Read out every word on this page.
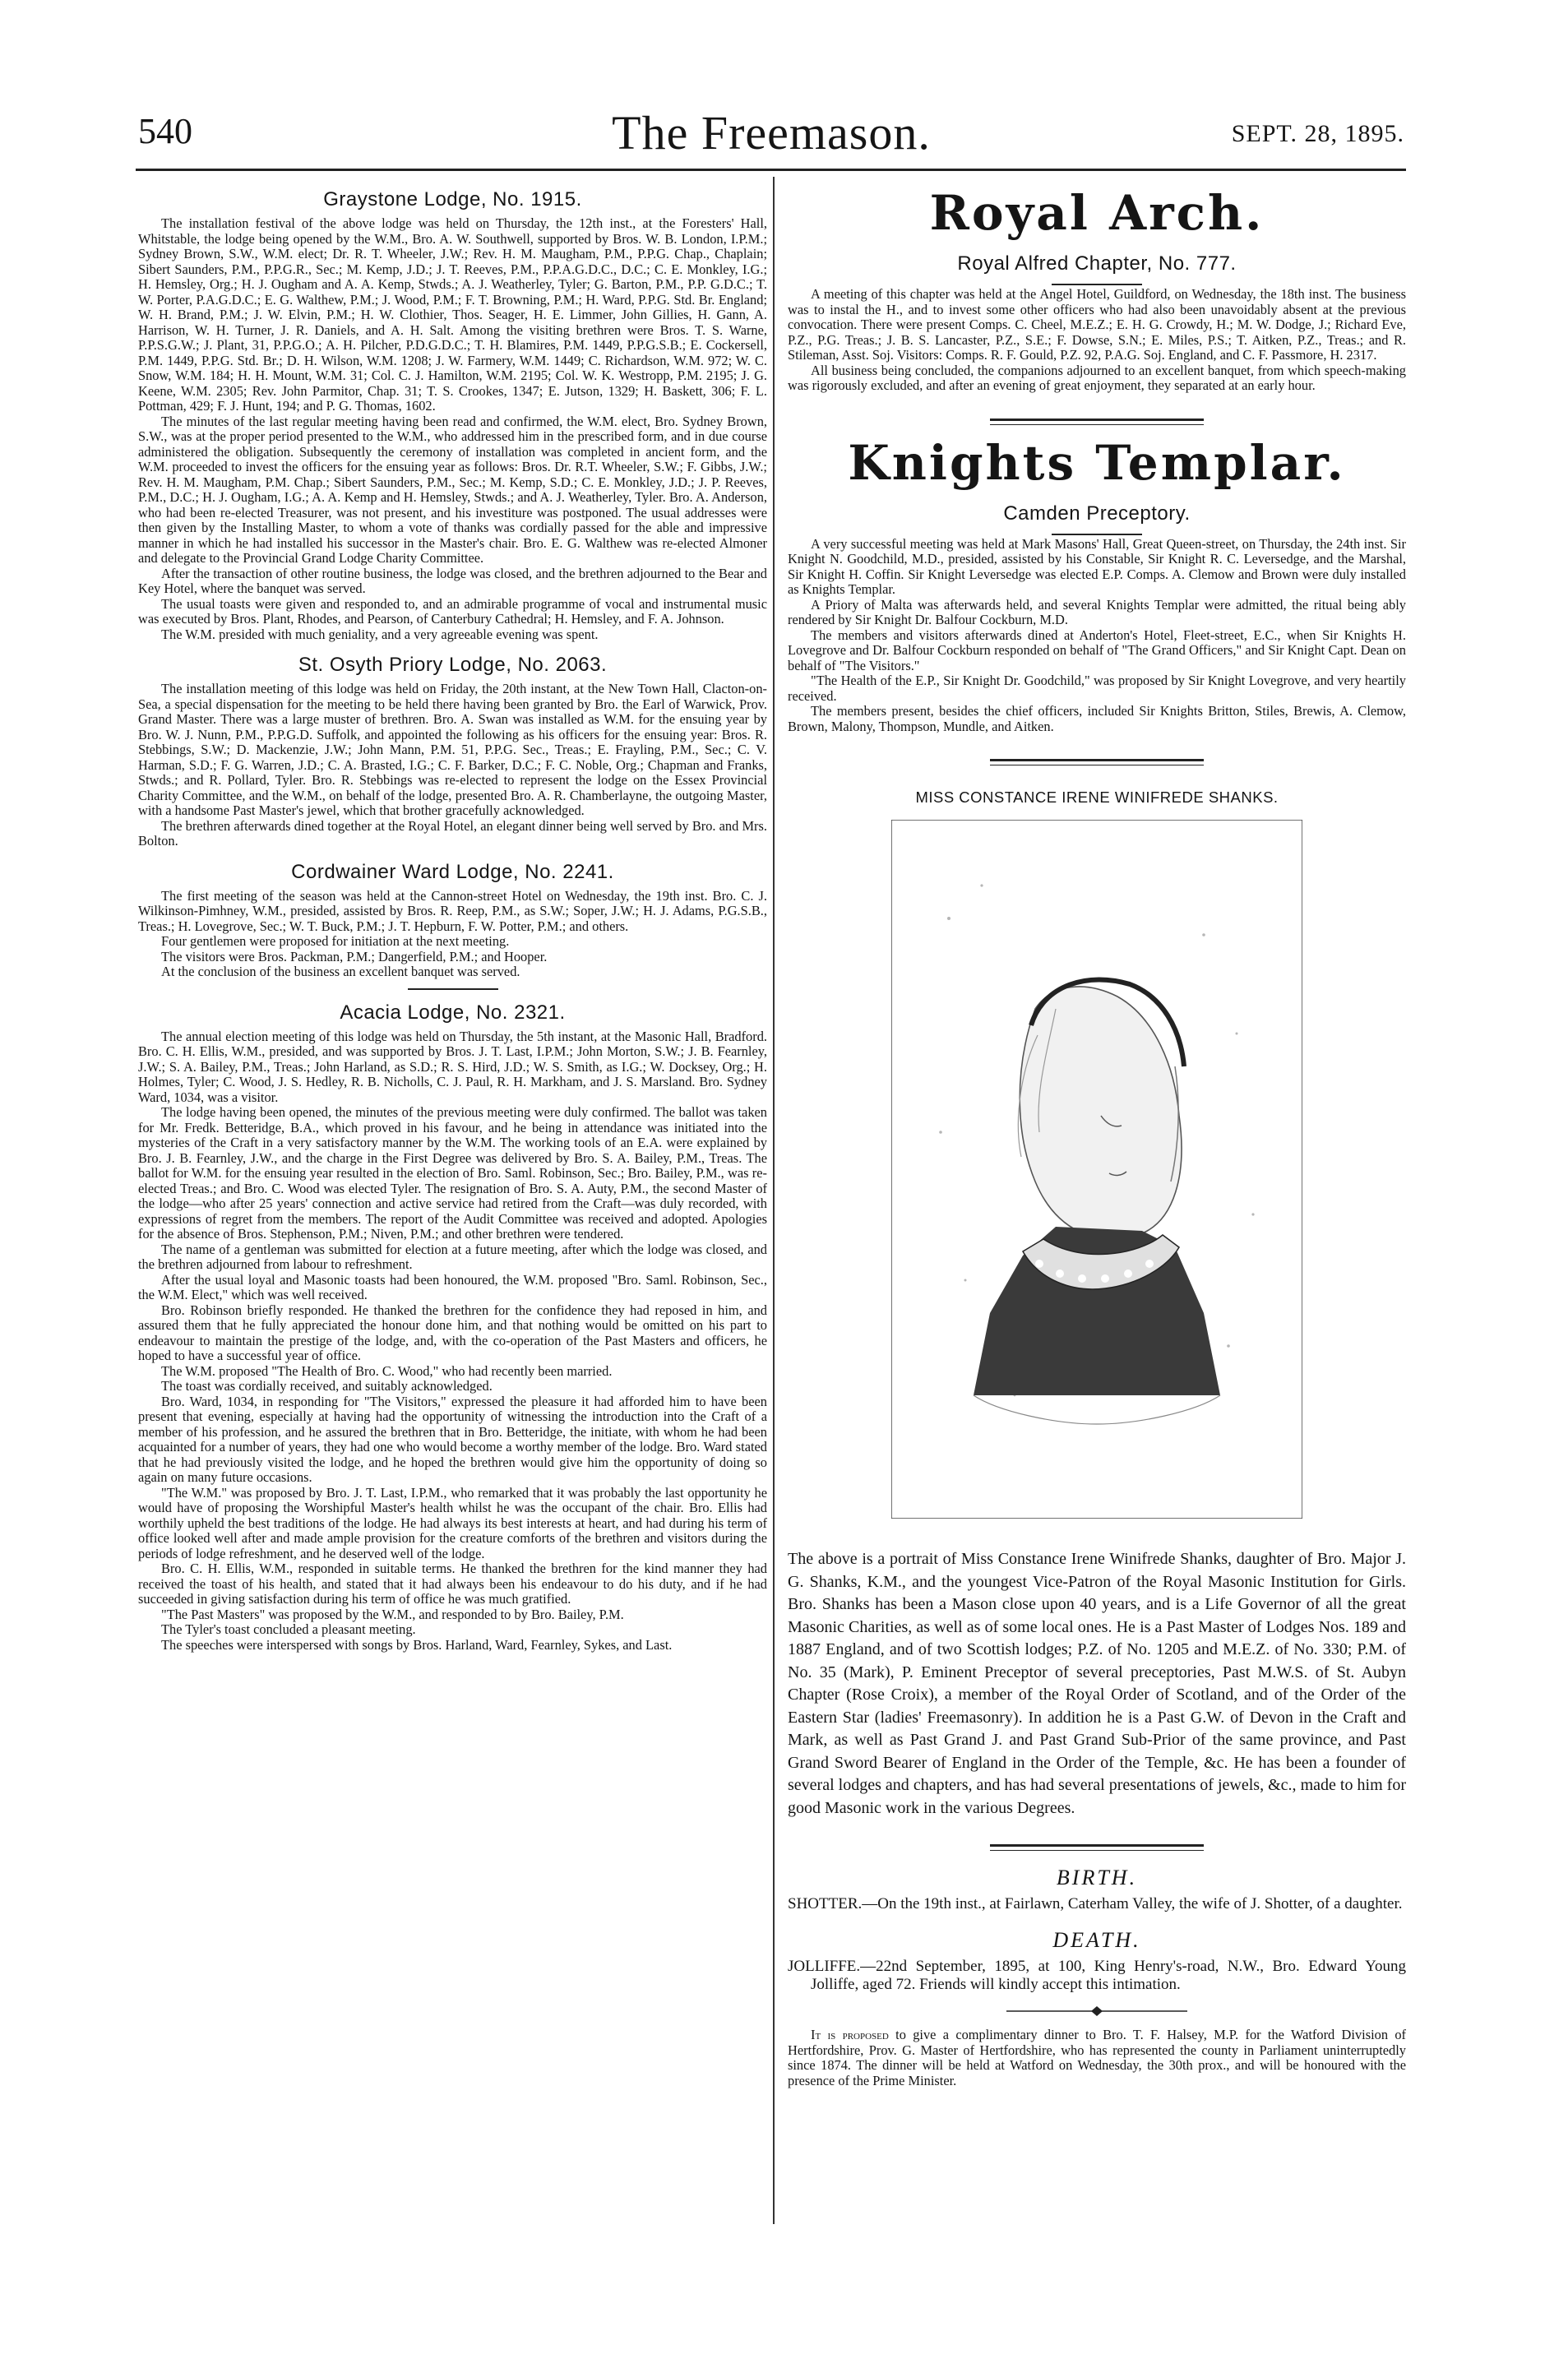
540	The Freemason.	SEPT. 28, 1895.
Graystone Lodge, No. 1915.

The installation festival of the above lodge was held on Thursday, the 12th inst., at the Foresters' Hall, Whitstable, the lodge being opened by the W.M., Bro. A. W. Southwell, supported by Bros. W. B. London, I.P.M.; Sydney Brown, S.W., W.M. elect; Dr. R. T. Wheeler, J.W.; Rev. H. M. Maugham, P.M., P.P.G. Chap., Chaplain; Sibert Saunders, P.M., P.P.G.R., Sec.; M. Kemp, J.D.; J. T. Reeves, P.M., P.P.A.G.D.C., D.C.; C. E. Monkley, I.G.; H. Hemsley, Org.; H. J. Ougham and A. A. Kemp, Stwds.; A. J. Weatherley, Tyler; G. Barton, P.M., P.P. G.D.C.; T. W. Porter, P.A.G.D.C.; E. G. Walthew, P.M.; J. Wood, P.M.; F. T. Browning, P.M.; H. Ward, P.P.G. Std. Br. England; W. H. Brand, P.M.; J. W. Elvin, P.M.; H. W. Clothier, Thos. Seager, H. E. Limmer, John Gillies, H. Gann, A. Harrison, W. H. Turner, J. R. Daniels, and A. H. Salt. Among the visiting brethren were Bros. T. S. Warne, P.P.S.G.W.; J. Plant, 31, P.P.G.O.; A. H. Pilcher, P.D.G.D.C.; T. H. Blamires, P.M. 1449, P.P.G.S.B.; E. Cockersell, P.M. 1449, P.P.G. Std. Br.; D. H. Wilson, W.M. 1208; J. W. Farmery, W.M. 1449; C. Richardson, W.M. 972; W. C. Snow, W.M. 184; H. H. Mount, W.M. 31; Col. C. J. Hamilton, W.M. 2195; Col. W. K. Westropp, P.M. 2195; J. G. Keene, W.M. 2305; Rev. John Parmitor, Chap. 31; T. S. Crookes, 1347; E. Jutson, 1329; H. Baskett, 306; F. L. Pottman, 429; F. J. Hunt, 194; and P. G. Thomas, 1602.

The minutes of the last regular meeting having been read and confirmed, the W.M. elect, Bro. Sydney Brown, S.W., was at the proper period presented to the W.M., who addressed him in the prescribed form, and in due course administered the obligation. Subsequently the ceremony of installation was completed in ancient form, and the W.M. proceeded to invest the officers for the ensuing year as follows: Bros. Dr. R.T. Wheeler, S.W.; F. Gibbs, J.W.; Rev. H. M. Maugham, P.M. Chap.; Sibert Saunders, P.M., Sec.; M. Kemp, S.D.; C. E. Monkley, J.D.; J. P. Reeves, P.M., D.C.; H. J. Ougham, I.G.; A. A. Kemp and H. Hemsley, Stwds.; and A. J. Weatherley, Tyler. Bro. A. Anderson, who had been re-elected Treasurer, was not present, and his investiture was postponed. The usual addresses were then given by the Installing Master, to whom a vote of thanks was cordially passed for the able and impressive manner in which he had installed his successor in the Master's chair. Bro. E. G. Walthew was re-elected Almoner and delegate to the Provincial Grand Lodge Charity Committee.

After the transaction of other routine business, the lodge was closed, and the brethren adjourned to the Bear and Key Hotel, where the banquet was served.

The usual toasts were given and responded to, and an admirable programme of vocal and instrumental music was executed by Bros. Plant, Rhodes, and Pearson, of Canterbury Cathedral; H. Hemsley, and F. A. Johnson.

The W.M. presided with much geniality, and a very agreeable evening was spent.

St. Osyth Priory Lodge, No. 2063.

The installation meeting of this lodge was held on Friday, the 20th instant, at the New Town Hall, Clacton-on-Sea, a special dispensation for the meeting to be held there having been granted by Bro. the Earl of Warwick, Prov. Grand Master. There was a large muster of brethren. Bro. A. Swan was installed as W.M. for the ensuing year by Bro. W. J. Nunn, P.M., P.P.G.D. Suffolk, and appointed the following as his officers for the ensuing year: Bros. R. Stebbings, S.W.; D. Mackenzie, J.W.; John Mann, P.M. 51, P.P.G. Sec., Treas.; E. Frayling, P.M., Sec.; C. V. Harman, S.D.; F. G. Warren, J.D.; C. A. Brasted, I.G.; C. F. Barker, D.C.; F. C. Noble, Org.; Chapman and Franks, Stwds.; and R. Pollard, Tyler. Bro. R. Stebbings was re-elected to represent the lodge on the Essex Provincial Charity Committee, and the W.M., on behalf of the lodge, presented Bro. A. R. Chamberlayne, the outgoing Master, with a handsome Past Master's jewel, which that brother gracefully acknowledged.

The brethren afterwards dined together at the Royal Hotel, an elegant dinner being well served by Bro. and Mrs. Bolton.

Cordwainer Ward Lodge, No. 2241.

The first meeting of the season was held at the Cannon-street Hotel on Wednesday, the 19th inst. Bro. C. J. Wilkinson-Pimhney, W.M., presided, assisted by Bros. R. Reep, P.M., as S.W.; Soper, J.W.; H. J. Adams, P.G.S.B., Treas.; H. Lovegrove, Sec.; W. T. Buck, P.M.; J. T. Hepburn, F. W. Potter, P.M.; and others.

Four gentlemen were proposed for initiation at the next meeting.

The visitors were Bros. Packman, P.M.; Dangerfield, P.M.; and Hooper.

At the conclusion of the business an excellent banquet was served.

Acacia Lodge, No. 2321.

The annual election meeting of this lodge was held on Thursday, the 5th instant, at the Masonic Hall, Bradford. Bro. C. H. Ellis, W.M., presided, and was supported by Bros. J. T. Last, I.P.M.; John Morton, S.W.; J. B. Fearnley, J.W.; S. A. Bailey, P.M., Treas.; John Harland, as S.D.; R. S. Hird, J.D.; W. S. Smith, as I.G.; W. Docksey, Org.; H. Holmes, Tyler; C. Wood, J. S. Hedley, R. B. Nicholls, C. J. Paul, R. H. Markham, and J. S. Marsland. Bro. Sydney Ward, 1034, was a visitor.

The lodge having been opened, the minutes of the previous meeting were duly confirmed. The ballot was taken for Mr. Fredk. Betteridge, B.A., which proved in his favour, and he being in attendance was initiated into the mysteries of the Craft in a very satisfactory manner by the W.M. The working tools of an E.A. were explained by Bro. J. B. Fearnley, J.W., and the charge in the First Degree was delivered by Bro. S. A. Bailey, P.M., Treas. The ballot for W.M. for the ensuing year resulted in the election of Bro. Saml. Robinson, Sec.; Bro. Bailey, P.M., was re-elected Treas.; and Bro. C. Wood was elected Tyler. The resignation of Bro. S. A. Auty, P.M., the second Master of the lodge—who after 25 years' connection and active service had retired from the Craft—was duly recorded, with expressions of regret from the members. The report of the Audit Committee was received and adopted. Apologies for the absence of Bros. Stephenson, P.M.; Niven, P.M.; and other brethren were tendered.

The name of a gentleman was submitted for election at a future meeting, after which the lodge was closed, and the brethren adjourned from labour to refreshment.

After the usual loyal and Masonic toasts had been honoured, the W.M. proposed "Bro. Saml. Robinson, Sec., the W.M. Elect," which was well received.

Bro. Robinson briefly responded. He thanked the brethren for the confidence they had reposed in him, and assured them that he fully appreciated the honour done him, and that nothing would be omitted on his part to endeavour to maintain the prestige of the lodge, and, with the co-operation of the Past Masters and officers, he hoped to have a successful year of office.

The W.M. proposed "The Health of Bro. C. Wood," who had recently been married.

The toast was cordially received, and suitably acknowledged.

Bro. Ward, 1034, in responding for "The Visitors," expressed the pleasure it had afforded him to have been present that evening, especially at having had the opportunity of witnessing the introduction into the Craft of a member of his profession, and he assured the brethren that in Bro. Betteridge, the initiate, with whom he had been acquainted for a number of years, they had one who would become a worthy member of the lodge. Bro. Ward stated that he had previously visited the lodge, and he hoped the brethren would give him the opportunity of doing so again on many future occasions.

"The W.M." was proposed by Bro. J. T. Last, I.P.M., who remarked that it was probably the last opportunity he would have of proposing the Worshipful Master's health whilst he was the occupant of the chair. Bro. Ellis had worthily upheld the best traditions of the lodge. He had always its best interests at heart, and had during his term of office looked well after and made ample provision for the creature comforts of the brethren and visitors during the periods of lodge refreshment, and he deserved well of the lodge.

Bro. C. H. Ellis, W.M., responded in suitable terms. He thanked the brethren for the kind manner they had received the toast of his health, and stated that it had always been his endeavour to do his duty, and if he had succeeded in giving satisfaction during his term of office he was much gratified.

"The Past Masters" was proposed by the W.M., and responded to by Bro. Bailey, P.M.

The Tyler's toast concluded a pleasant meeting.

The speeches were interspersed with songs by Bros. Harland, Ward, Fearnley, Sykes, and Last.

Royal Arch.
Royal Alfred Chapter, No. 777.

A meeting of this chapter was held at the Angel Hotel, Guildford, on Wednesday, the 18th inst. The business was to instal the H., and to invest some other officers who had also been unavoidably absent at the previous convocation. There were present Comps. C. Cheel, M.E.Z.; E. H. G. Crowdy, H.; M. W. Dodge, J.; Richard Eve, P.Z., P.G. Treas.; J. B. S. Lancaster, P.Z., S.E.; F. Dowse, S.N.; E. Miles, P.S.; T. Aitken, P.Z., Treas.; and R. Stileman, Asst. Soj. Visitors: Comps. R. F. Gould, P.Z. 92, P.A.G. Soj. England, and C. F. Passmore, H. 2317.

All business being concluded, the companions adjourned to an excellent banquet, from which speech-making was rigorously excluded, and after an evening of great enjoyment, they separated at an early hour.

Knights Templar.
Camden Preceptory.

A very successful meeting was held at Mark Masons' Hall, Great Queen-street, on Thursday, the 24th inst. Sir Knight N. Goodchild, M.D., presided, assisted by his Constable, Sir Knight R. C. Leversedge, and the Marshal, Sir Knight H. Coffin. Sir Knight Leversedge was elected E.P. Comps. A. Clemow and Brown were duly installed as Knights Templar.

A Priory of Malta was afterwards held, and several Knights Templar were admitted, the ritual being ably rendered by Sir Knight Dr. Balfour Cockburn, M.D.

The members and visitors afterwards dined at Anderton's Hotel, Fleet-street, E.C., when Sir Knights H. Lovegrove and Dr. Balfour Cockburn responded on behalf of "The Grand Officers," and Sir Knight Capt. Dean on behalf of "The Visitors."

"The Health of the E.P., Sir Knight Dr. Goodchild," was proposed by Sir Knight Lovegrove, and very heartily received.

The members present, besides the chief officers, included Sir Knights Britton, Stiles, Brewis, A. Clemow, Brown, Malony, Thompson, Mundle, and Aitken.

MISS CONSTANCE IRENE WINIFREDE SHANKS.

The above is a portrait of Miss Constance Irene Winifrede Shanks, daughter of Bro. Major J. G. Shanks, K.M., and the youngest Vice-Patron of the Royal Masonic Institution for Girls. Bro. Shanks has been a Mason close upon 40 years, and is a Life Governor of all the great Masonic Charities, as well as of some local ones. He is a Past Master of Lodges Nos. 189 and 1887 England, and of two Scottish lodges; P.Z. of No. 1205 and M.E.Z. of No. 330; P.M. of No. 35 (Mark), P. Eminent Preceptor of several preceptories, Past M.W.S. of St. Aubyn Chapter (Rose Croix), a member of the Royal Order of Scotland, and of the Order of the Eastern Star (ladies' Freemasonry). In addition he is a Past G.W. of Devon in the Craft and Mark, as well as Past Grand J. and Past Grand Sub-Prior of the same province, and Past Grand Sword Bearer of England in the Order of the Temple, &c. He has been a founder of several lodges and chapters, and has had several presentations of jewels, &c., made to him for good Masonic work in the various Degrees.

BIRTH.

SHOTTER.—On the 19th inst., at Fairlawn, Caterham Valley, the wife of J. Shotter, of a daughter.

DEATH.

JOLLIFFE.—22nd September, 1895, at 100, King Henry's-road, N.W., Bro. Edward Young Jolliffe, aged 72. Friends will kindly accept this intimation.

It is proposed to give a complimentary dinner to Bro. T. F. Halsey, M.P. for the Watford Division of Hertfordshire, Prov. G. Master of Hertfordshire, who has represented the county in Parliament uninterruptedly since 1874. The dinner will be held at Watford on Wednesday, the 30th prox., and will be honoured with the presence of the Prime Minister.
